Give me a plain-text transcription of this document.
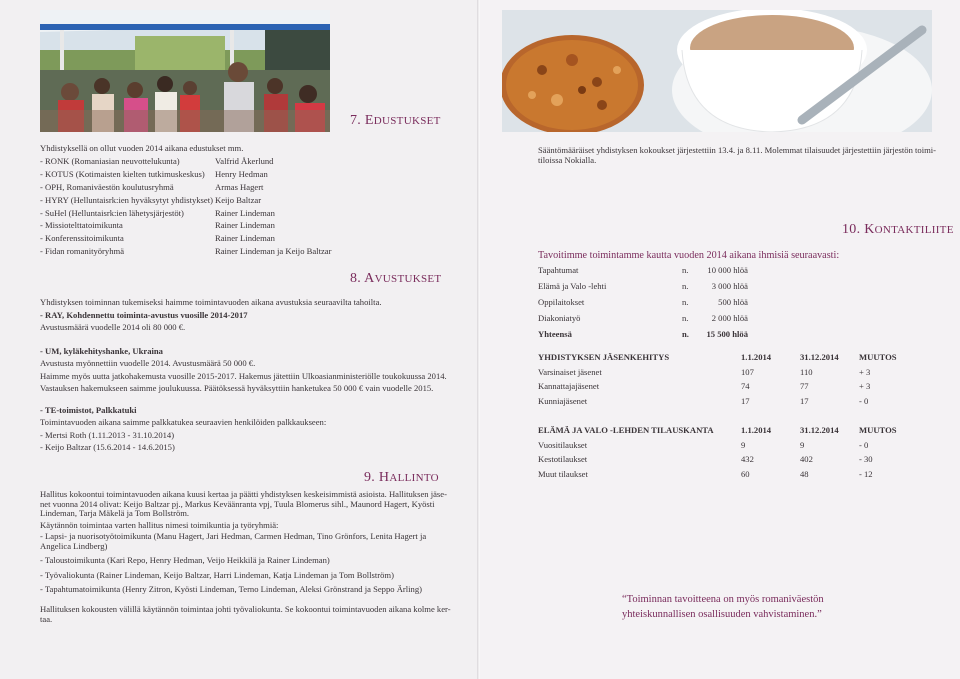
7. EDUSTUKSET
Yhdistyksellä on ollut vuoden 2014 aikana edustukset mm.
- RONK (Romaniasian neuvottelukunta)	Valfrid Åkerlund
- KOTUS (Kotimaisten kielten tutkimuskeskus) Henry Hedman
- OPH, Romaniväestön koulutusryhmä	Armas Hagert
- HYRY (Helluntaisrk:ien hyväksytyt yhdistykset) Keijo Baltzar
- SuHel (Helluntaisrk:ien lähetysjärjestöt)	Rainer Lindeman
- Missiotelttatoimikunta	Rainer Lindeman
- Konferenssitoimikunta	Rainer Lindeman
- Fidan romanityöryhmä	Rainer Lindeman ja Keijo Baltzar
8. AVUSTUKSET
Yhdistyksen toiminnan tukemiseksi haimme toimintavuoden aikana avustuksia seuraavilta tahoilta.
- RAY, Kohdennettu toiminta-avustus vuosille 2014-2017
Avustusmäärä vuodelle 2014 oli 80 000 €.
- UM, kyläkehityshanke, Ukraina
Avustusta myönnettiin vuodelle 2014. Avustusmäärä 50 000 €.
Haimme myös uutta jatkohakemusta vuosille 2015-2017. Hakemus jätettiin Ulkoasianministeriölle toukokuussa 2014.
Vastauksen hakemukseen saimme joulukuussa. Päätöksessä hyväksyttiin hanketukea 50 000 € vain vuodelle 2015.
- TE-toimistot, Palkkatuki
Toimintavuoden aikana saimme palkkatukea seuraavien henkilöiden palkkaukseen:
- Mertsi Roth (1.11.2013 - 31.10.2014)
- Keijo Baltzar (15.6.2014 - 14.6.2015)
9. HALLINTO
Hallitus kokoontui toimintavuoden aikana kuusi kertaa ja päätti yhdistyksen keskeisimmistä asioista. Hallituksen jäse-
net vuonna 2014 olivat: Keijo Baltzar pj., Markus Keväänranta vpj, Tuula Blomerus sihl., Maunord Hagert, Kyösti
Lindeman, Tarja Mäkelä ja Tom Bollström.
Käytännön toimintaa varten hallitus nimesi toimikuntia ja työryhmiä:
- Lapsi- ja nuorisotyötoimikunta (Manu Hagert, Jari Hedman, Carmen Hedman, Tino Grönfors, Lenita Hagert ja
Angelica Lindberg)
- Taloustoimikunta (Kari Repo, Henry Hedman, Veijo Heikkilä ja Rainer Lindeman)
- Työvaliokunta (Rainer Lindeman, Keijo Baltzar, Harri Lindeman, Katja Lindeman ja Tom Bollström)
- Tapahtumatoimikunta (Henry Zitron, Kyösti Lindeman, Terno Lindeman, Aleksi Grönstrand ja Seppo Ärling)
Hallituksen kokousten välillä käytännön toimintaa johti työvaliokunta. Se kokoontui toimintavuoden aikana kolme ker-
taa.
Sääntömääräiset yhdistyksen kokoukset järjestettiin 13.4. ja 8.11. Molemmat tilaisuudet järjestettiin järjestön toimi-
tiloissa Nokialla.
10. KONTAKTILIITE
Tavoitimme toimintamme kautta vuoden 2014 aikana ihmisiä seuraavasti:
Tapahtumat	n.	10 000 hlöä
Elämä ja Valo -lehti	n.	3 000 hlöä
Oppilaitokset	n.	500 hlöä
Diakoniatyö	n.	2 000 hlöä
Yhteensä	n.	15 500 hlöä
YHDISTYKSEN JÄSENKEHITYS	1.1.2014	31.12.2014	MUUTOS
Varsinaiset jäsenet	107	110	+ 3
Kannattajajäsenet	74	77	+ 3
Kunniajäsenet	17	17	- 0
ELÄMÄ JA VALO -LEHDEN TILAUSKANTA	1.1.2014	31.12.2014	MUUTOS
Vuositilaukset	9	9	- 0
Kestotilaukset	432	402	- 30
Muut tilaukset	60	48	- 12
“Toiminnan tavoitteena on myös romaniväestön
yhteiskunnallisen osallisuuden vahvistaminen.”
